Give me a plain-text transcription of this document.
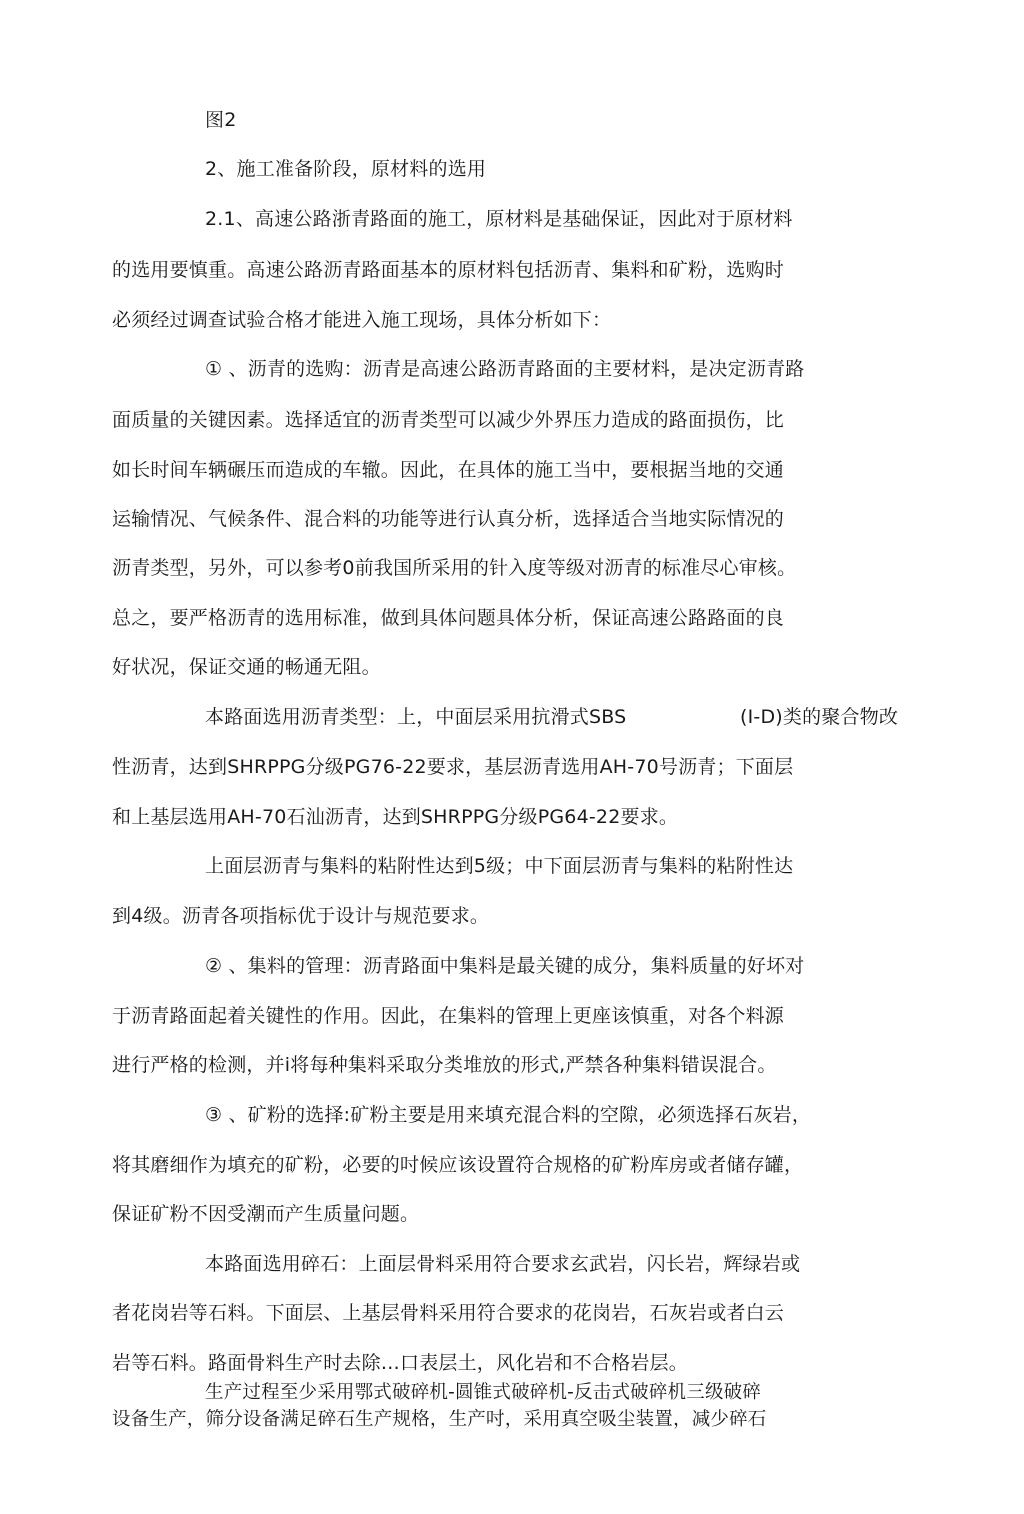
图2
2、施工准备阶段，原材料的选用
2.1、高速公路浙青路面的施工，原材料是基础保证，因此对于原材料
的选用要慎重。高速公路沥青路面基本的原材料包括沥青、集料和矿粉，选购时
必须经过调查试验合格才能进入施工现场，具体分析如下：
① 、沥青的选购：沥青是高速公路沥青路面的主要材料，是决定沥青路
面质量的关键因素。选择适宜的沥青类型可以减少外界压力造成的路面损伤，比
如长时间车辆碾压而造成的车辙。因此，在具体的施工当中，要根据当地的交通
运输情况、气候条件、混合料的功能等进行认真分析，选择适合当地实际情况的
沥青类型，另外，可以参考0前我国所采用的针入度等级对沥青的标准尽心审核。
总之，要严格沥青的选用标准，做到具体问题具体分析，保证高速公路路面的良
好状况，保证交通的畅通无阻。
本路面选用沥青类型：上，中面层采用抗滑式SBS	(I-D)类的聚合物改
性沥青，达到SHRPPG分级PG76-22要求，基层沥青选用AH-70号沥青；下面层
和上基层选用AH-70石汕沥青，达到SHRPPG分级PG64-22要求。
上面层沥青与集料的粘附性达到5级；中下面层沥青与集料的粘附性达
到4级。沥青各项指标优于设计与规范要求。
② 、集料的管理：沥青路面中集料是最关键的成分，集料质量的好坏对
于沥青路面起着关键性的作用。因此，在集料的管理上更座该慎重，对各个料源
进行严格的检测，并i将每种集料采取分类堆放的形式,严禁各种集料错误混合。
③ 、矿粉的选择:矿粉主要是用来填充混合料的空隙，必须选择石灰岩，
将其磨细作为填充的矿粉，必要的吋候应该设置符合规格的矿粉库房或者储存罐，
保证矿粉不因受潮而产生质量问题。
本路面选用碎石：上面层骨料采用符合要求玄武岩，闪长岩，辉绿岩或
者花岗岩等石料。下面层、上基层骨料采用符合要求的花岗岩，石灰岩或者白云
岩等石料。路面骨料生产时去除…口表层土，风化岩和不合格岩层。
生产过程至少采用鄂式破碎机-圆锥式破碎机-反击式破碎机三级破碎
设备生产，筛分设备满足碎石生产规格，生产吋，采用真空吸尘装置，减少碎石
